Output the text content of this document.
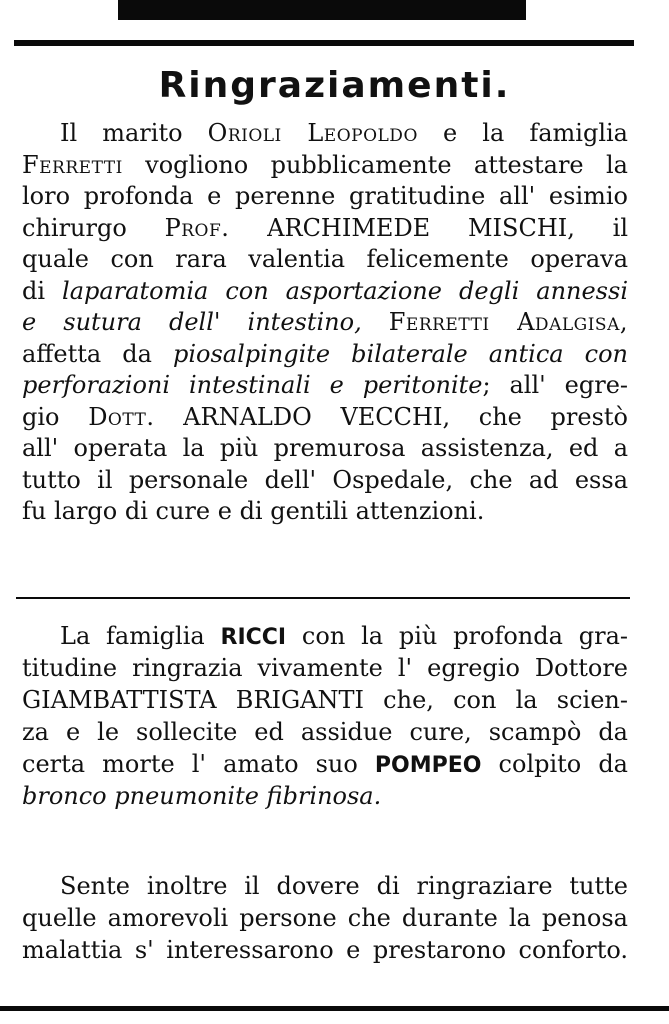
Ringraziamenti.
Il marito Orioli Leopoldo e la famiglia
Ferretti vogliono pubblicamente attestare la
loro profonda e perenne gratitudine all' esimio
chirurgo Prof. ARCHIMEDE MISCHI, il
quale con rara valentia felicemente operava
di laparatomia con asportazione degli annessi
e sutura dell' intestino, Ferretti Adalgisa,
affetta da piosalpingite bilaterale antica con
perforazioni intestinali e peritonite; all' egre-
gio Dott. ARNALDO VECCHI, che prestò
all' operata la più premurosa assistenza, ed a
tutto il personale dell' Ospedale, che ad essa
fu largo di cure e di gentili attenzioni.
La famiglia RICCI con la più profonda gra-
titudine ringrazia vivamente l' egregio Dottore
GIAMBATTISTA BRIGANTI che, con la scien-
za e le sollecite ed assidue cure, scampò da
certa morte l' amato suo POMPEO colpito da
bronco pneumonite fibrinosa.
Sente inoltre il dovere di ringraziare tutte
quelle amorevoli persone che durante la penosa
malattia s' interessarono e prestarono conforto.
